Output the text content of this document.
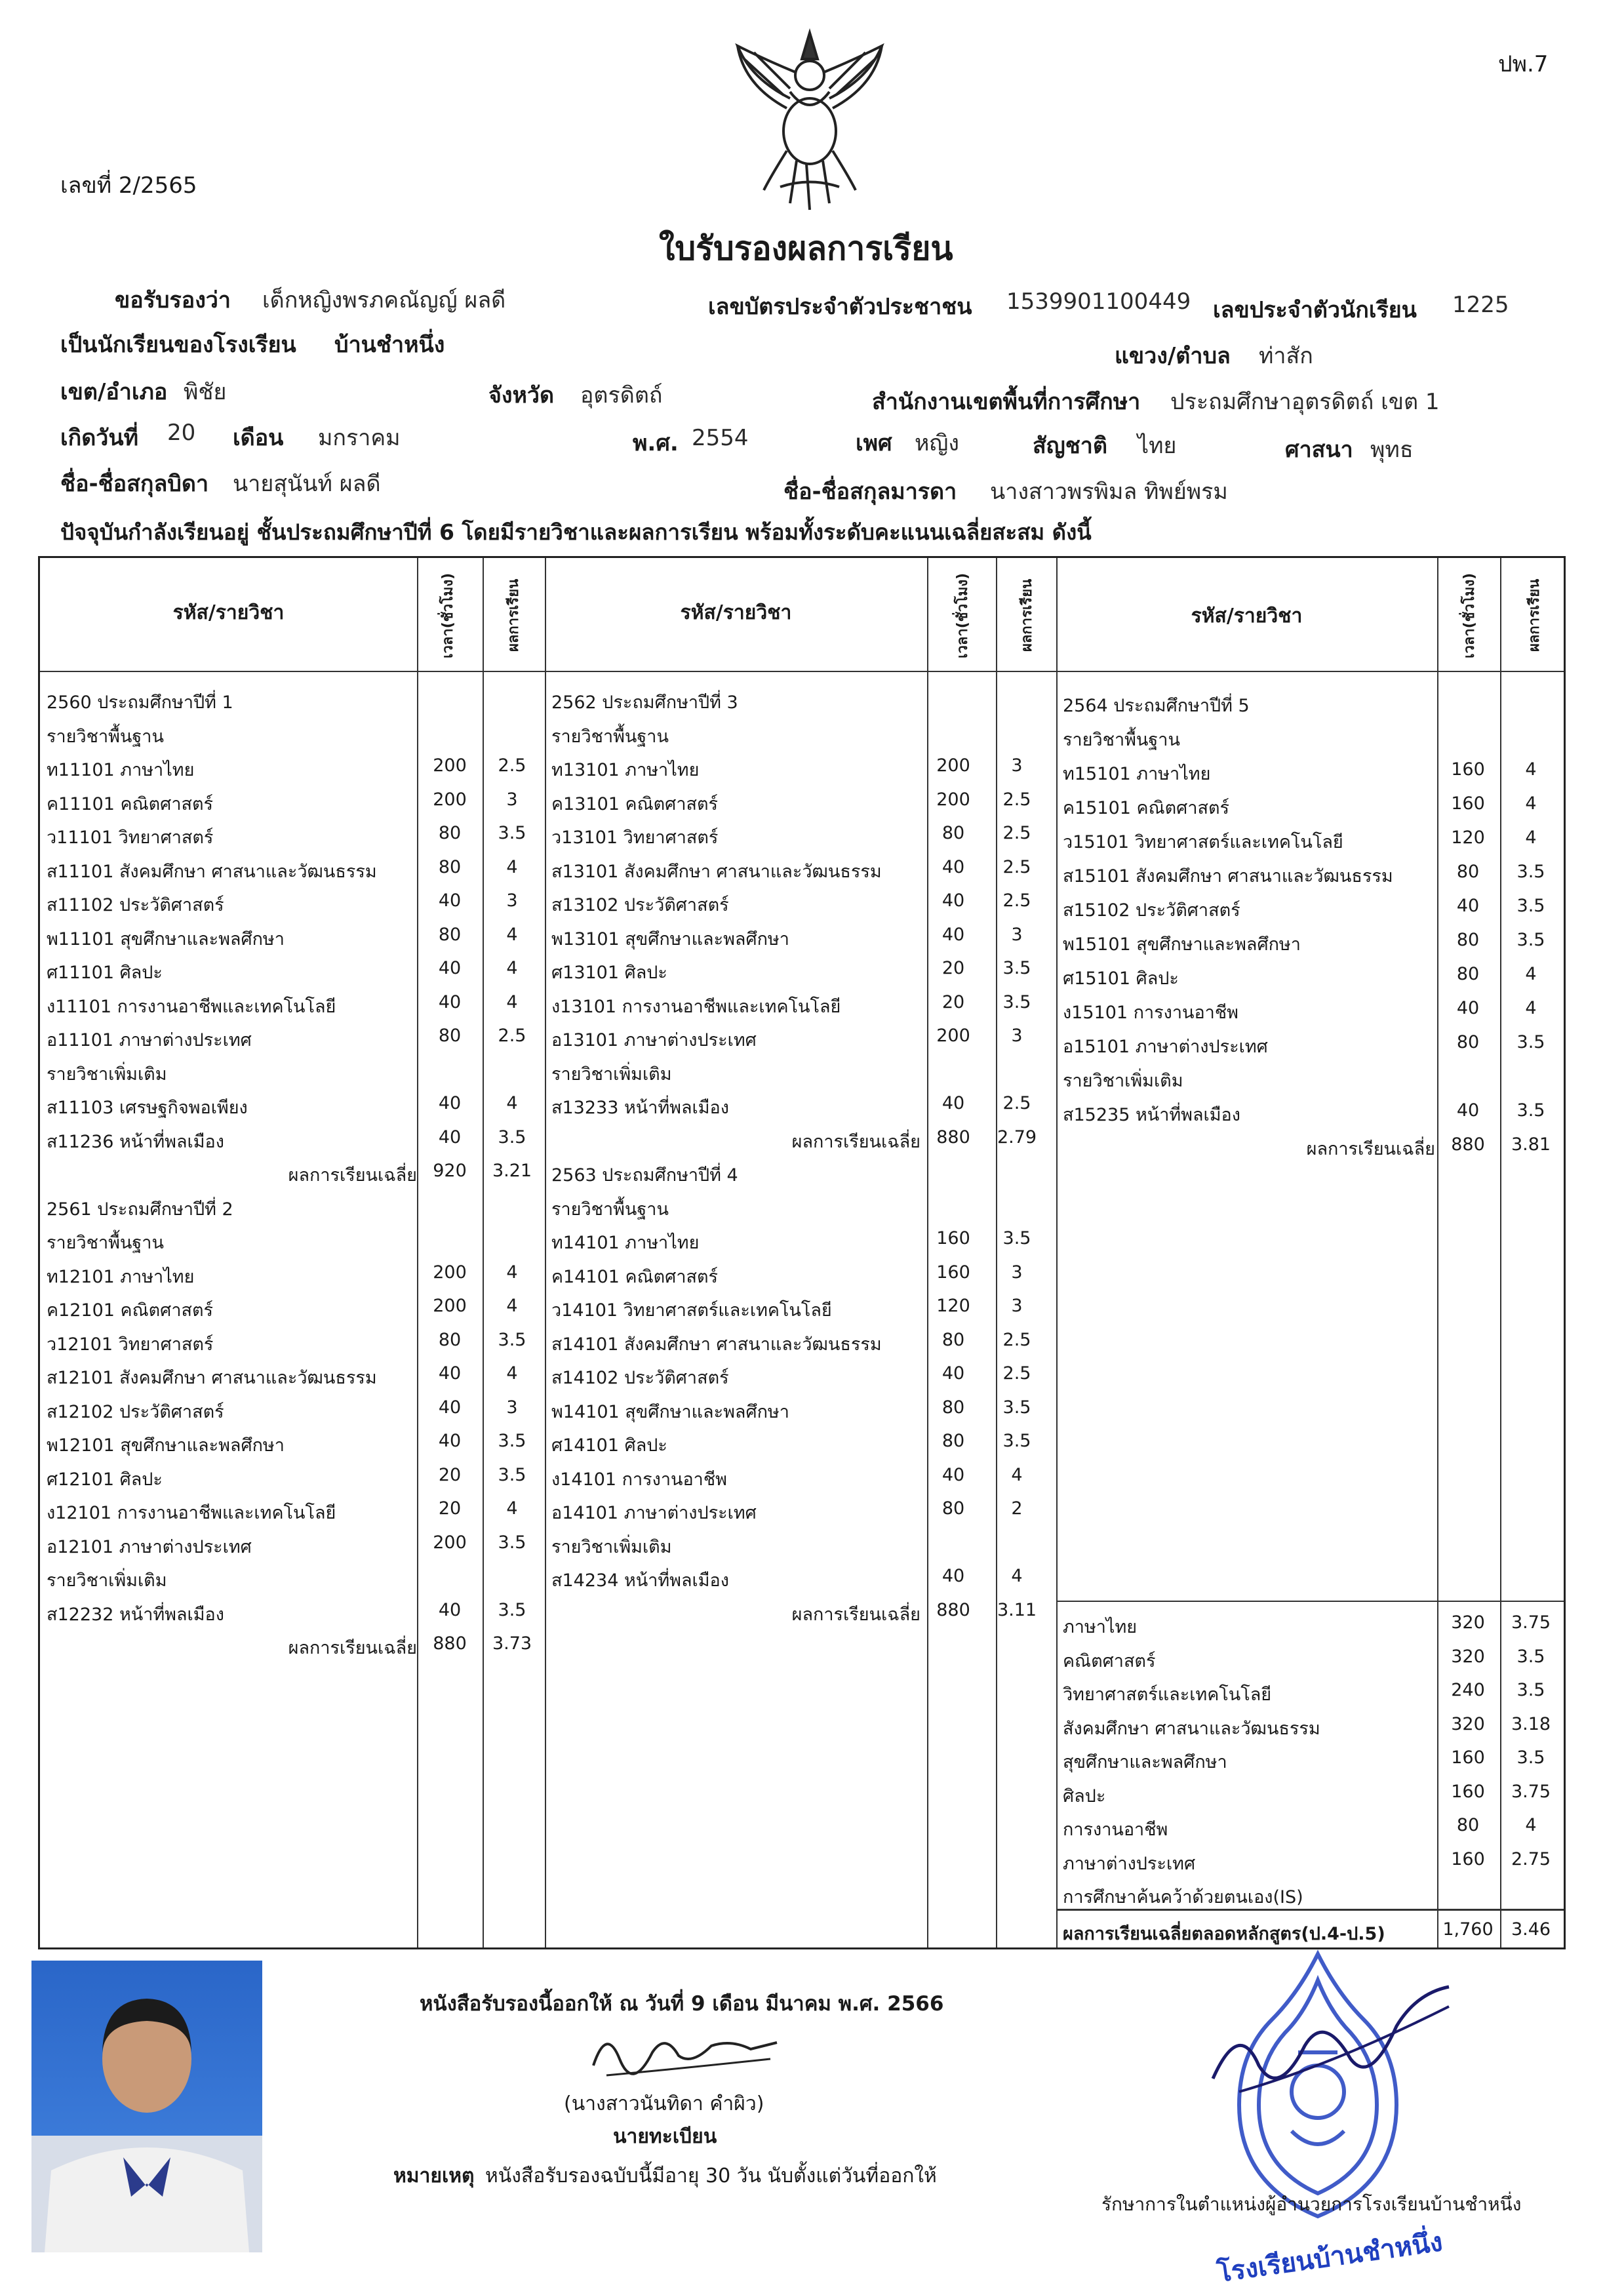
ปพ.7
เลขที่ 2/2565
ใบรับรองผลการเรียน
ขอรับรองว่า เด็กหญิงพรภคณัญญ์ ผลดี	เลขบัตรประจำตัวประชาชน 1539901100449 เลขประจำตัวนักเรียน 1225
เป็นนักเรียนของโรงเรียน บ้านชำหนึ่ง	แขวง/ตำบล ท่าสัก
เขต/อำเภอ พิชัย	จังหวัด อุตรดิตถ์	สำนักงานเขตพื้นที่การศึกษา ประถมศึกษาอุตรดิตถ์ เขต 1
เกิดวันที่ 20 เดือน มกราคม	พ.ศ. 2554	เพศ หญิง	สัญชาติ ไทย	ศาสนา พุทธ
ชื่อ-ชื่อสกุลบิดา นายสุนันท์ ผลดี	ชื่อ-ชื่อสกุลมารดา นางสาวพรพิมล ทิพย์พรม
ปัจจุบันกำลังเรียนอยู่ ชั้นประถมศึกษาปีที่ 6 โดยมีรายวิชาและผลการเรียน พร้อมทั้งระดับคะแนนเฉลี่ยสะสม ดังนี้
รหัส/รายวิชา	เวลา(ชั่วโมง)	ผลการเรียน	รหัส/รายวิชา	เวลา(ชั่วโมง)	ผลการเรียน	รหัส/รายวิชา	เวลา(ชั่วโมง)	ผลการเรียน
2560 ประถมศึกษาปีที่ 1
รายวิชาพื้นฐาน
ท11101 ภาษาไทย	200	2.5
ค11101 คณิตศาสตร์	200	3
ว11101 วิทยาศาสตร์	80	3.5
ส11101 สังคมศึกษา ศาสนาและวัฒนธรรม	80	4
ส11102 ประวัติศาสตร์	40	3
พ11101 สุขศึกษาและพลศึกษา	80	4
ศ11101 ศิลปะ	40	4
ง11101 การงานอาชีพและเทคโนโลยี	40	4
อ11101 ภาษาต่างประเทศ	80	2.5
รายวิชาเพิ่มเติม
ส11103 เศรษฐกิจพอเพียง	40	4
ส11236 หน้าที่พลเมือง	40	3.5
ผลการเรียนเฉลี่ย 920	3.21
2561 ประถมศึกษาปีที่ 2
รายวิชาพื้นฐาน
ท12101 ภาษาไทย	200	4
ค12101 คณิตศาสตร์	200	4
ว12101 วิทยาศาสตร์	80	3.5
ส12101 สังคมศึกษา ศาสนาและวัฒนธรรม	40	4
ส12102 ประวัติศาสตร์	40	3
พ12101 สุขศึกษาและพลศึกษา	40	3.5
ศ12101 ศิลปะ	20	3.5
ง12101 การงานอาชีพและเทคโนโลยี	20	4
อ12101 ภาษาต่างประเทศ	200	3.5
รายวิชาเพิ่มเติม
ส12232 หน้าที่พลเมือง	40	3.5
ผลการเรียนเฉลี่ย 880	3.73
2562 ประถมศึกษาปีที่ 3
รายวิชาพื้นฐาน
ท13101 ภาษาไทย	200	3
ค13101 คณิตศาสตร์	200	2.5
ว13101 วิทยาศาสตร์	80	2.5
ส13101 สังคมศึกษา ศาสนาและวัฒนธรรม	40	2.5
ส13102 ประวัติศาสตร์	40	2.5
พ13101 สุขศึกษาและพลศึกษา	40	3
ศ13101 ศิลปะ	20	3.5
ง13101 การงานอาชีพและเทคโนโลยี	20	3.5
อ13101 ภาษาต่างประเทศ	200	3
รายวิชาเพิ่มเติม
ส13233 หน้าที่พลเมือง	40	2.5
ผลการเรียนเฉลี่ย 880	2.79
2563 ประถมศึกษาปีที่ 4
รายวิชาพื้นฐาน
ท14101 ภาษาไทย	160	3.5
ค14101 คณิตศาสตร์	160	3
ว14101 วิทยาศาสตร์และเทคโนโลยี	120	3
ส14101 สังคมศึกษา ศาสนาและวัฒนธรรม	80	2.5
ส14102 ประวัติศาสตร์	40	2.5
พ14101 สุขศึกษาและพลศึกษา	80	3.5
ศ14101 ศิลปะ	80	3.5
ง14101 การงานอาชีพ	40	4
อ14101 ภาษาต่างประเทศ	80	2
รายวิชาเพิ่มเติม
ส14234 หน้าที่พลเมือง	40	4
ผลการเรียนเฉลี่ย 880	3.11
2564 ประถมศึกษาปีที่ 5
รายวิชาพื้นฐาน
ท15101 ภาษาไทย	160	4
ค15101 คณิตศาสตร์	160	4
ว15101 วิทยาศาสตร์และเทคโนโลยี	120	4
ส15101 สังคมศึกษา ศาสนาและวัฒนธรรม	80	3.5
ส15102 ประวัติศาสตร์	40	3.5
พ15101 สุขศึกษาและพลศึกษา	80	3.5
ศ15101 ศิลปะ	80	4
ง15101 การงานอาชีพ	40	4
อ15101 ภาษาต่างประเทศ	80	3.5
รายวิชาเพิ่มเติม
ส15235 หน้าที่พลเมือง	40	3.5
ผลการเรียนเฉลี่ย 880	3.81
ภาษาไทย	320	3.75
คณิตศาสตร์	320	3.5
วิทยาศาสตร์และเทคโนโลยี	240	3.5
สังคมศึกษา ศาสนาและวัฒนธรรม	320	3.18
สุขศึกษาและพลศึกษา	160	3.5
ศิลปะ	160	3.75
การงานอาชีพ	80	4
ภาษาต่างประเทศ	160	2.75
การศึกษาค้นคว้าด้วยตนเอง(IS)
ผลการเรียนเฉลี่ยตลอดหลักสูตร(ป.4-ป.5)	1,760	3.46
หนังสือรับรองนี้ออกให้ ณ วันที่ 9 เดือน มีนาคม พ.ศ. 2566
(นางสาวนันทิดา คำผิว)
นายทะเบียน
หมายเหตุ หนังสือรับรองฉบับนี้มีอายุ 30 วัน นับตั้งแต่วันที่ออกให้
โรงเรียนบ้านชำหนึ่ง
รักษาการในตำแหน่งผู้อำนวยการโรงเรียนบ้านชำหนึ่ง
